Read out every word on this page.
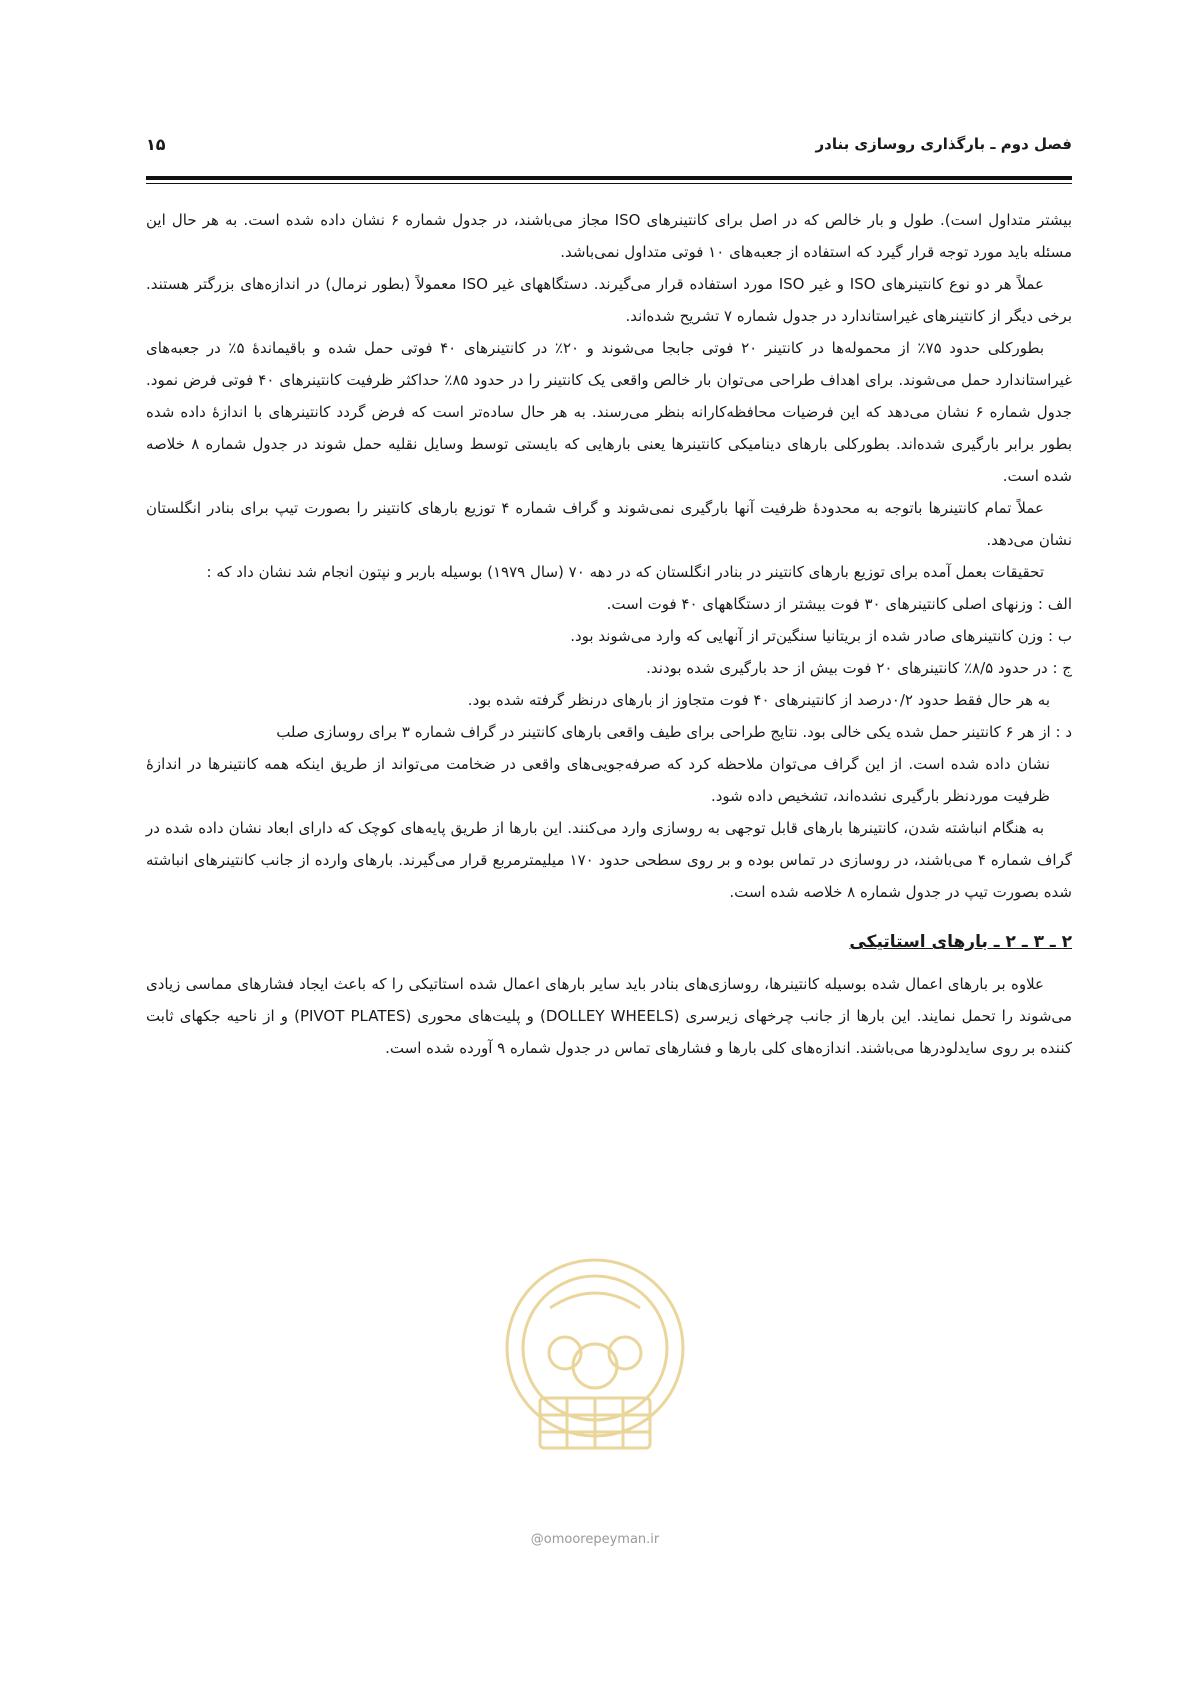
فصل دوم ـ بارگذاری روسازی بنادر
۱۵

بیشتر متداول است). طول و بار خالص که در اصل برای کانتینرهای ISO مجاز می‌باشند، در جدول شماره ۶ نشان داده شده است. به هر حال این مسئله باید مورد توجه قرار گیرد که استفاده از جعبه‌های ۱۰ فوتی متداول نمی‌باشد.

عملاً هر دو نوع کانتینرهای ISO و غیر ISO مورد استفاده قرار می‌گیرند. دستگاههای غیر ISO معمولاً (بطور نرمال) در اندازه‌های بزرگتر هستند. برخی دیگر از کانتینرهای غیراستاندارد در جدول شماره ۷ تشریح شده‌اند.

بطورکلی حدود ۷۵٪ از محموله‌ها در کانتینر ۲۰ فوتی جابجا می‌شوند و ۲۰٪ در کانتینرهای ۴۰ فوتی حمل شده و باقیماندۀ ۵٪ در جعبه‌های غیراستاندارد حمل می‌شوند. برای اهداف طراحی می‌توان بار خالص واقعی یک کانتینر را در حدود ۸۵٪ حداکثر ظرفیت کانتینرهای ۴۰ فوتی فرض نمود. جدول شماره ۶ نشان می‌دهد که این فرضیات محافظه‌کارانه بنظر می‌رسند. به هر حال ساده‌تر است که فرض گردد کانتینرهای با اندازۀ داده شده بطور برابر بارگیری شده‌اند. بطورکلی بارهای دینامیکی کانتینرها یعنی بارهایی که بایستی توسط وسایل نقلیه حمل شوند در جدول شماره ۸ خلاصه شده است.

عملاً تمام کانتینرها باتوجه به محدودۀ ظرفیت آنها بارگیری نمی‌شوند و گراف شماره ۴ توزیع بارهای کانتینر را بصورت تیپ برای بنادر انگلستان نشان می‌دهد.

تحقیقات بعمل آمده برای توزیع بارهای کانتینر در بنادر انگلستان که در دهه ۷۰ (سال ۱۹۷۹) بوسیله باربر و نپتون انجام شد نشان داد که :

الف : وزنهای اصلی کانتینرهای ۳۰ فوت بیشتر از دستگاههای ۴۰ فوت است.

ب : وزن کانتینرهای صادر شده از بریتانیا سنگین‌تر از آنهایی که وارد می‌شوند بود.

ج : در حدود ۸/۵٪ کانتینرهای ۲۰ فوت بیش از حد بارگیری شده بودند.

به هر حال فقط حدود ۰/۲درصد از کانتینرهای ۴۰ فوت متجاوز از بارهای درنظر گرفته شده بود.

د : از هر ۶ کانتینر حمل شده یکی خالی بود. نتایج طراحی برای طیف واقعی بارهای کانتینر در گراف شماره ۳ برای روسازی صلب

نشان داده شده است. از این گراف می‌توان ملاحظه کرد که صرفه‌جویی‌های واقعی در ضخامت می‌تواند از طریق اینکه همه کانتینرها در اندازۀ ظرفیت موردنظر بارگیری نشده‌اند، تشخیص داده شود.

به هنگام انباشته شدن، کانتینرها بارهای قابل توجهی به روسازی وارد می‌کنند. این بارها از طریق پایه‌های کوچک که دارای ابعاد نشان داده شده در گراف شماره ۴ می‌باشند، در روسازی در تماس بوده و بر روی سطحی حدود ۱۷۰ میلیمترمربع قرار می‌گیرند. بارهای وارده از جانب کانتینرهای انباشته شده بصورت تیپ در جدول شماره ۸ خلاصه شده است.

۲ ـ ۳ ـ ۲ ـ بارهای استاتیکی

علاوه بر بارهای اعمال شده بوسیله کانتینرها، روسازی‌های بنادر باید سایر بارهای اعمال شده استاتیکی را که باعث ایجاد فشارهای مماسی زیادی می‌شوند را تحمل نمایند. این بارها از جانب چرخهای زیرسری (DOLLEY WHEELS) و پلیت‌های محوری (PIVOT PLATES) و از ناحیه جکهای ثابت کننده بر روی سایدلودرها می‌باشند. اندازه‌های کلی بارها و فشارهای تماس در جدول شماره ۹ آورده شده است.

@omoorepeyman.ir
